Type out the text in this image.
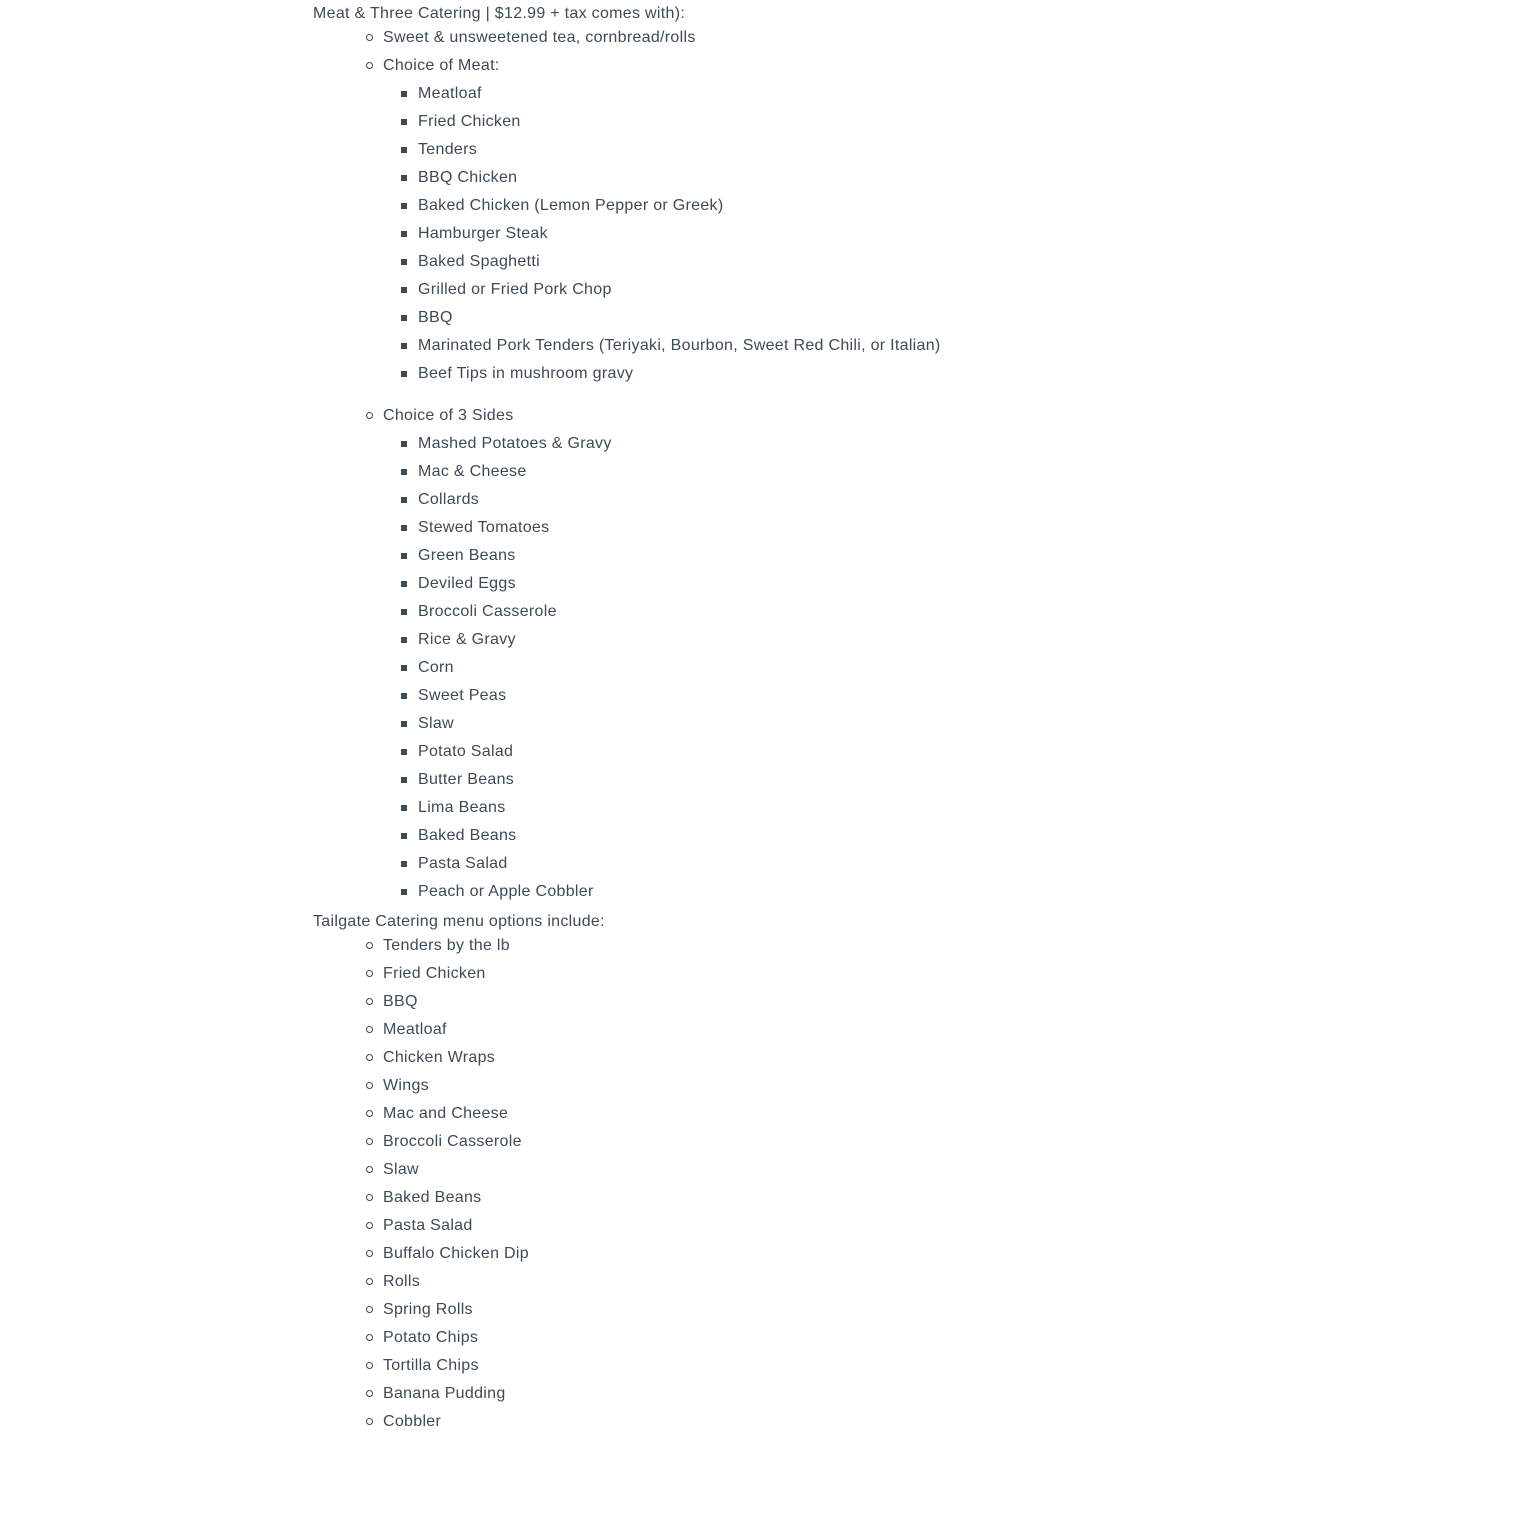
Meat & Three Catering | $12.99 + tax comes with):

Sweet & unsweetened tea, cornbread/rolls
Choice of Meat:
Meatloaf
Fried Chicken
Tenders
BBQ Chicken
Baked Chicken (Lemon Pepper or Greek)
Hamburger Steak
Baked Spaghetti
Grilled or Fried Pork Chop
BBQ
Marinated Pork Tenders (Teriyaki, Bourbon, Sweet Red Chili, or Italian)
Beef Tips in mushroom gravy
Choice of 3 Sides
Mashed Potatoes & Gravy
Mac & Cheese
Collards
Stewed Tomatoes
Green Beans
Deviled Eggs
Broccoli Casserole
Rice & Gravy
Corn
Sweet Peas
Slaw
Potato Salad
Butter Beans
Lima Beans
Baked Beans
Pasta Salad
Peach or Apple Cobbler

Tailgate Catering menu options include:

Tenders by the lb
Fried Chicken
BBQ
Meatloaf
Chicken Wraps
Wings
Mac and Cheese
Broccoli Casserole
Slaw
Baked Beans
Pasta Salad
Buffalo Chicken Dip
Rolls
Spring Rolls
Potato Chips
Tortilla Chips
Banana Pudding
Cobbler
